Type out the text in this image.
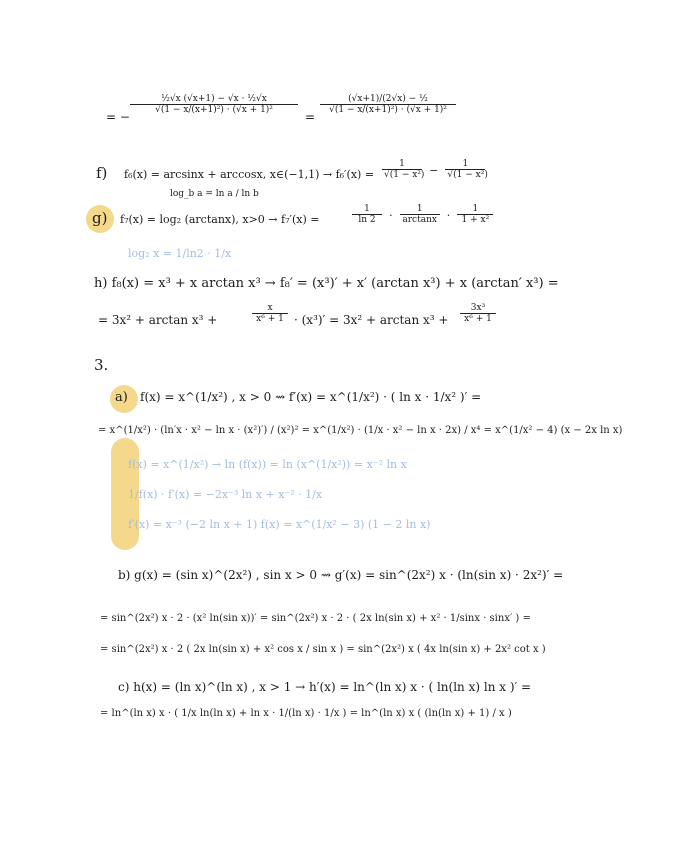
= −
$\frac{\text{½√x (√x+1) − √x · ½√x}}{\text{√(1 − x/(x+1)²) · (√x + 1)²}}$
=
$\frac{\text{(√x+1)/(2√x) − ½}}{\text{√(1 − x/(x+1)²) · (√x + 1)²}}$
f) f₆(x) = arcsinx + arccosx, x∈(−1,1) → $f_6'(x) = \frac{1}{\text{√(1 − x²)}} - \frac{1}{\text{√(1 − x²)}}$
log_b a = ln a / ln b
g) f₇(x) = log₂ (arctanx), x>0 → f₇′(x) =	$\frac{1}{\ln 2} \cdot \frac{1}{\arctan x} \cdot \frac{1}{\text{1 + x²}}$
log₂ x = 1/ln2 · 1/x
h) f₈(x) = x³ + x arctan x³ → f₈′ = (x³)′ + x′ (arctan x³) + x (arctan′ x³) =
= 3x² + arctan x³ +	$\frac{x}{\text{x⁶ + 1}} \cdot (x^3)' = 3x^2 + \arctan x^3 + \frac{\text{3x³}}{\text{x⁶ + 1}}$
3.
a) f(x) = x^(1/x²) , x > 0 ⇝ f′(x) = x^(1/x²) · ( ln x · 1/x² )′ =
= x^(1/x²) · (ln′x · x² − ln x · (x²)′) / (x²)² = x^(1/x²) · (1/x · x² − ln x · 2x) / x⁴ = x^(1/x² − 4) (x − 2x ln x)
f(x) = x^(1/x²) → ln (f(x)) = ln (x^(1/x²)) = x⁻² ln x
1/f(x) · f′(x) = −2x⁻³ ln x + x⁻² · 1/x
f′(x) = x⁻³ (−2 ln x + 1) f(x) = x^(1/x² − 3) (1 − 2 ln x)
b) g(x) = (sin x)^(2x²) , sin x > 0 ⇝ g′(x) = sin^(2x²) x · (ln(sin x) · 2x²)′ =
= sin^(2x²) x · 2 · (x² ln(sin x))′ = sin^(2x²) x · 2 · ( 2x ln(sin x) + x² · 1/sinx · sinx′ ) =
= sin^(2x²) x · 2 ( 2x ln(sin x) + x² cos x / sin x ) = sin^(2x²) x ( 4x ln(sin x) + 2x² cot x )
c) h(x) = (ln x)^(ln x) , x > 1 → h′(x) = ln^(ln x) x · ( ln(ln x) ln x )′ =
= ln^(ln x) x · ( 1/x ln(ln x) + ln x · 1/(ln x) · 1/x ) = ln^(ln x) x ( (ln(ln x) + 1) / x )
